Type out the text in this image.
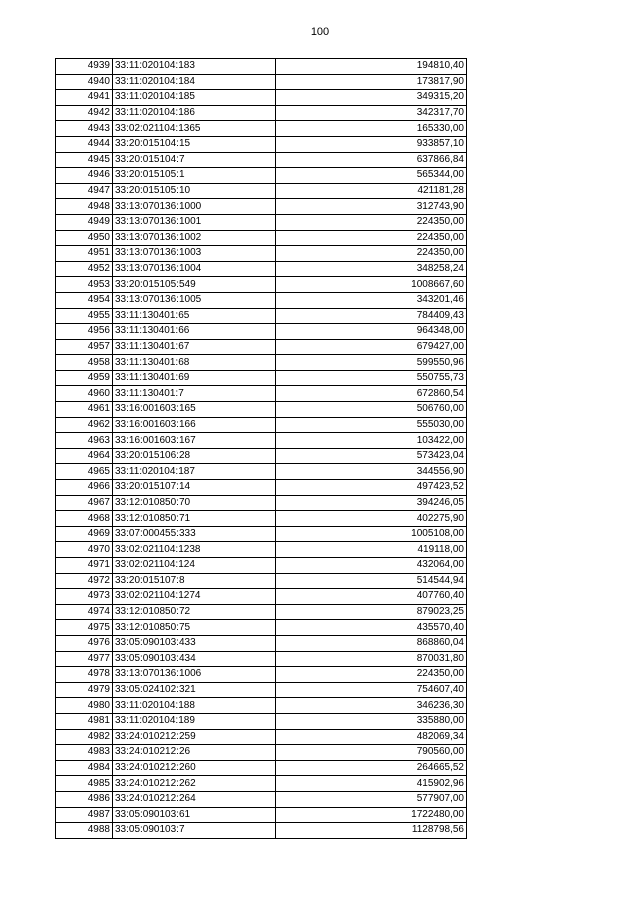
100
4939	33:11:020104:183	194810,40
4940	33:11:020104:184	173817,90
4941	33:11:020104:185	349315,20
4942	33:11:020104:186	342317,70
4943	33:02:021104:1365	165330,00
4944	33:20:015104:15	933857,10
4945	33:20:015104:7	637866,84
4946	33:20:015105:1	565344,00
4947	33:20:015105:10	421181,28
4948	33:13:070136:1000	312743,90
4949	33:13:070136:1001	224350,00
4950	33:13:070136:1002	224350,00
4951	33:13:070136:1003	224350,00
4952	33:13:070136:1004	348258,24
4953	33:20:015105:549	1008667,60
4954	33:13:070136:1005	343201,46
4955	33:11:130401:65	784409,43
4956	33:11:130401:66	964348,00
4957	33:11:130401:67	679427,00
4958	33:11:130401:68	599550,96
4959	33:11:130401:69	550755,73
4960	33:11:130401:7	672860,54
4961	33:16:001603:165	506760,00
4962	33:16:001603:166	555030,00
4963	33:16:001603:167	103422,00
4964	33:20:015106:28	573423,04
4965	33:11:020104:187	344556,90
4966	33:20:015107:14	497423,52
4967	33:12:010850:70	394246,05
4968	33:12:010850:71	402275,90
4969	33:07:000455:333	1005108,00
4970	33:02:021104:1238	419118,00
4971	33:02:021104:124	432064,00
4972	33:20:015107:8	514544,94
4973	33:02:021104:1274	407760,40
4974	33:12:010850:72	879023,25
4975	33:12:010850:75	435570,40
4976	33:05:090103:433	868860,04
4977	33:05:090103:434	870031,80
4978	33:13:070136:1006	224350,00
4979	33:05:024102:321	754607,40
4980	33:11:020104:188	346236,30
4981	33:11:020104:189	335880,00
4982	33:24:010212:259	482069,34
4983	33:24:010212:26	790560,00
4984	33:24:010212:260	264665,52
4985	33:24:010212:262	415902,96
4986	33:24:010212:264	577907,00
4987	33:05:090103:61	1722480,00
4988	33:05:090103:7	1128798,56
